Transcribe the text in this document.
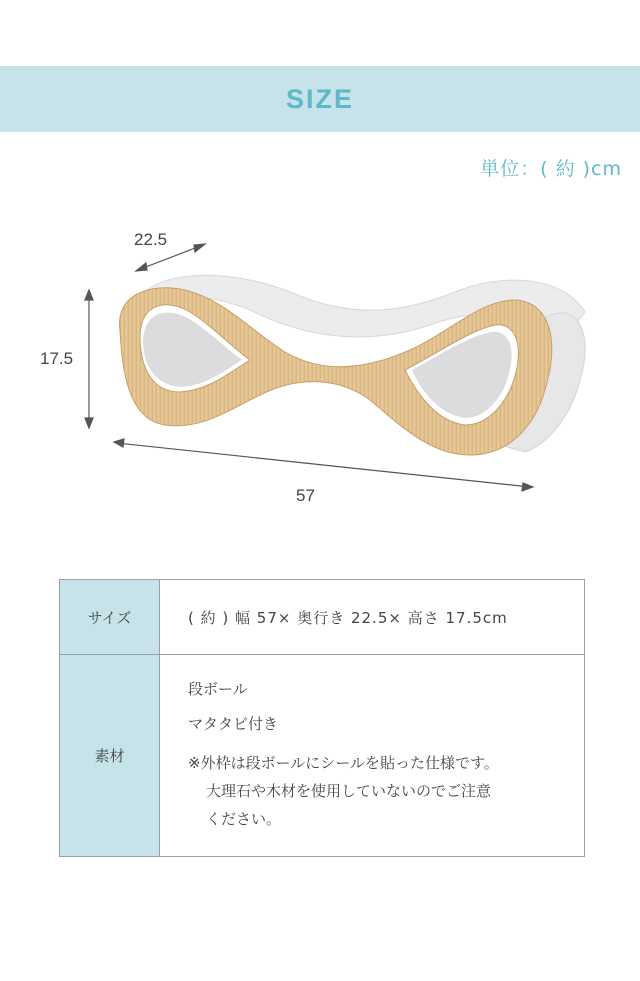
SIZE
単位：( 約 )cm
22.5
17.5
57
サイズ	( 約 ) 幅 57× 奥行き 22.5× 高さ 17.5cm
素材
段ボール
マタタビ付き
※外枠は段ボールにシールを貼った仕様です。
大理石や木材を使用していないのでご注意
ください。
